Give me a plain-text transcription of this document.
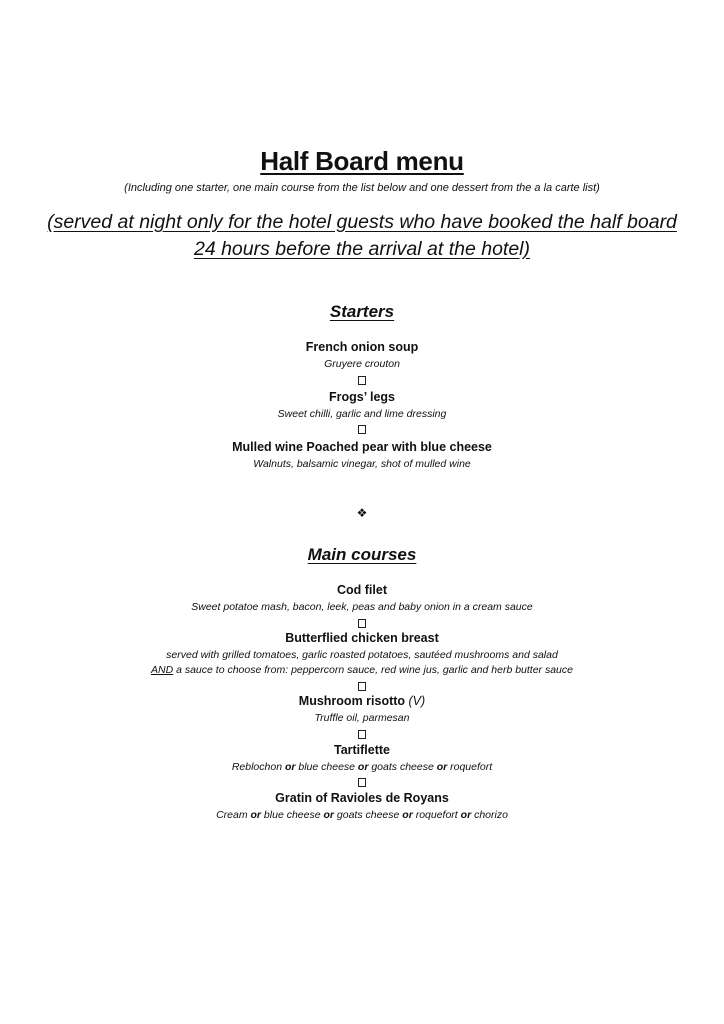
Half Board menu
(Including one starter, one main course from the list below and one dessert from the a la carte list)
(served at night only for the hotel guests who have booked the half board
24 hours before the arrival at the hotel)
Starters
French onion soup
Gruyere crouton
Frogs’ legs
Sweet chilli, garlic and lime dressing
Mulled wine Poached pear with blue cheese
Walnuts, balsamic vinegar, shot of mulled wine
❖
Main courses
Cod filet
Sweet potatoe mash, bacon, leek, peas and baby onion in a cream sauce
Butterflied chicken breast
served with grilled tomatoes, garlic roasted potatoes, sautéed mushrooms and salad
AND a sauce to choose from: peppercorn sauce, red wine jus, garlic and herb butter sauce
Mushroom risotto (V)
Truffle oil, parmesan
Tartiflette
Reblochon or blue cheese or goats cheese or roquefort
Gratin of Ravioles de Royans
Cream or blue cheese or goats cheese or roquefort or chorizo
